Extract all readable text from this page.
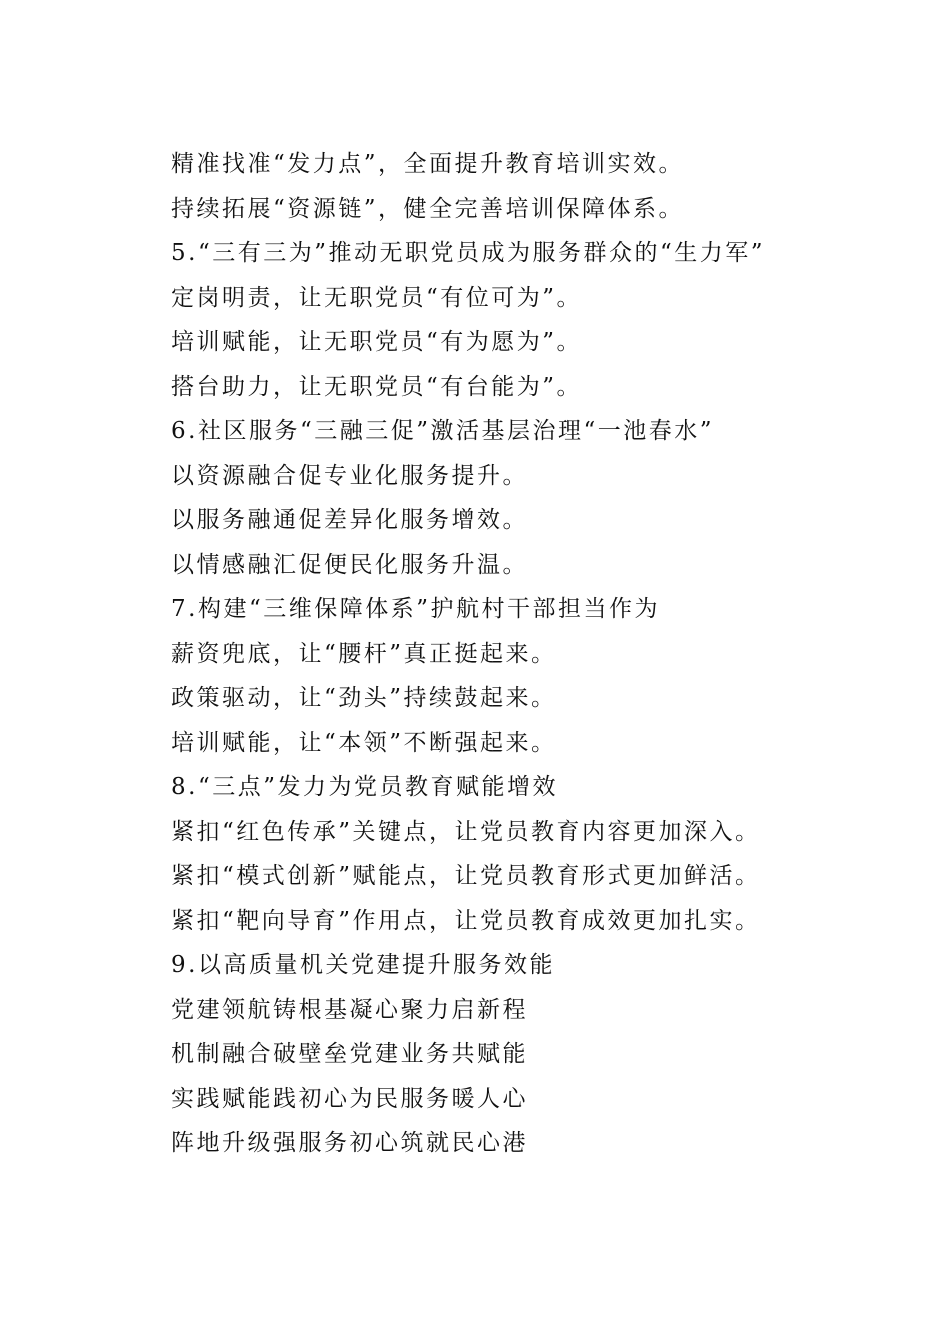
精准找准“发力点”，全面提升教育培训实效。
持续拓展“资源链”，健全完善培训保障体系。
5.“三有三为”推动无职党员成为服务群众的“生力军”
定岗明责，让无职党员“有位可为”。
培训赋能，让无职党员“有为愿为”。
搭台助力，让无职党员“有台能为”。
6.社区服务“三融三促”激活基层治理“一池春水”
以资源融合促专业化服务提升。
以服务融通促差异化服务增效。
以情感融汇促便民化服务升温。
7.构建“三维保障体系”护航村干部担当作为
薪资兜底，让“腰杆”真正挺起来。
政策驱动，让“劲头”持续鼓起来。
培训赋能，让“本领”不断强起来。
8.“三点”发力为党员教育赋能增效
紧扣“红色传承”关键点，让党员教育内容更加深入。
紧扣“模式创新”赋能点，让党员教育形式更加鲜活。
紧扣“靶向导育”作用点，让党员教育成效更加扎实。
9.以高质量机关党建提升服务效能
党建领航铸根基凝心聚力启新程
机制融合破壁垒党建业务共赋能
实践赋能践初心为民服务暖人心
阵地升级强服务初心筑就民心港
